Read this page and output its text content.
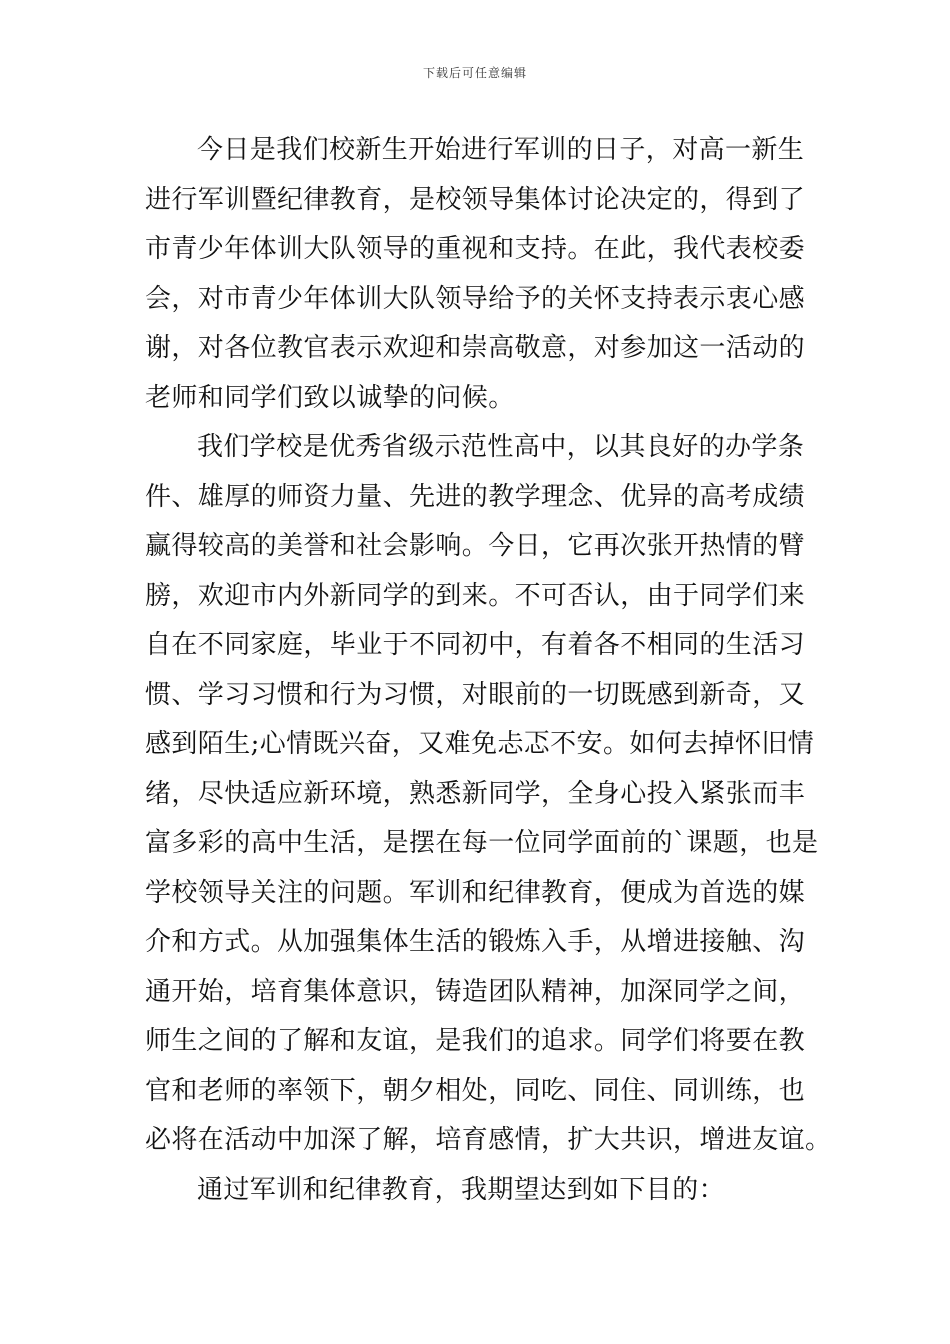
下载后可任意编辑
今日是我们校新生开始进行军训的日子，对高一新生
进行军训暨纪律教育，是校领导集体讨论决定的，得到了
市青少年体训大队领导的重视和支持。在此，我代表校委
会，对市青少年体训大队领导给予的关怀支持表示衷心感
谢，对各位教官表示欢迎和崇高敬意，对参加这一活动的
老师和同学们致以诚挚的问候。
我们学校是优秀省级示范性高中，以其良好的办学条
件、雄厚的师资力量、先进的教学理念、优异的高考成绩
赢得较高的美誉和社会影响。今日，它再次张开热情的臂
膀，欢迎市内外新同学的到来。不可否认，由于同学们来
自在不同家庭，毕业于不同初中，有着各不相同的生活习
惯、学习习惯和行为习惯，对眼前的一切既感到新奇，又
感到陌生;心情既兴奋，又难免忐忑不安。如何去掉怀旧情
绪，尽快适应新环境，熟悉新同学，全身心投入紧张而丰
富多彩的高中生活，是摆在每一位同学面前的`课题，也是
学校领导关注的问题。军训和纪律教育，便成为首选的媒
介和方式。从加强集体生活的锻炼入手，从增进接触、沟
通开始，培育集体意识，铸造团队精神，加深同学之间，
师生之间的了解和友谊，是我们的追求。同学们将要在教
官和老师的率领下，朝夕相处，同吃、同住、同训练，也
必将在活动中加深了解，培育感情，扩大共识，增进友谊。
通过军训和纪律教育，我期望达到如下目的：
